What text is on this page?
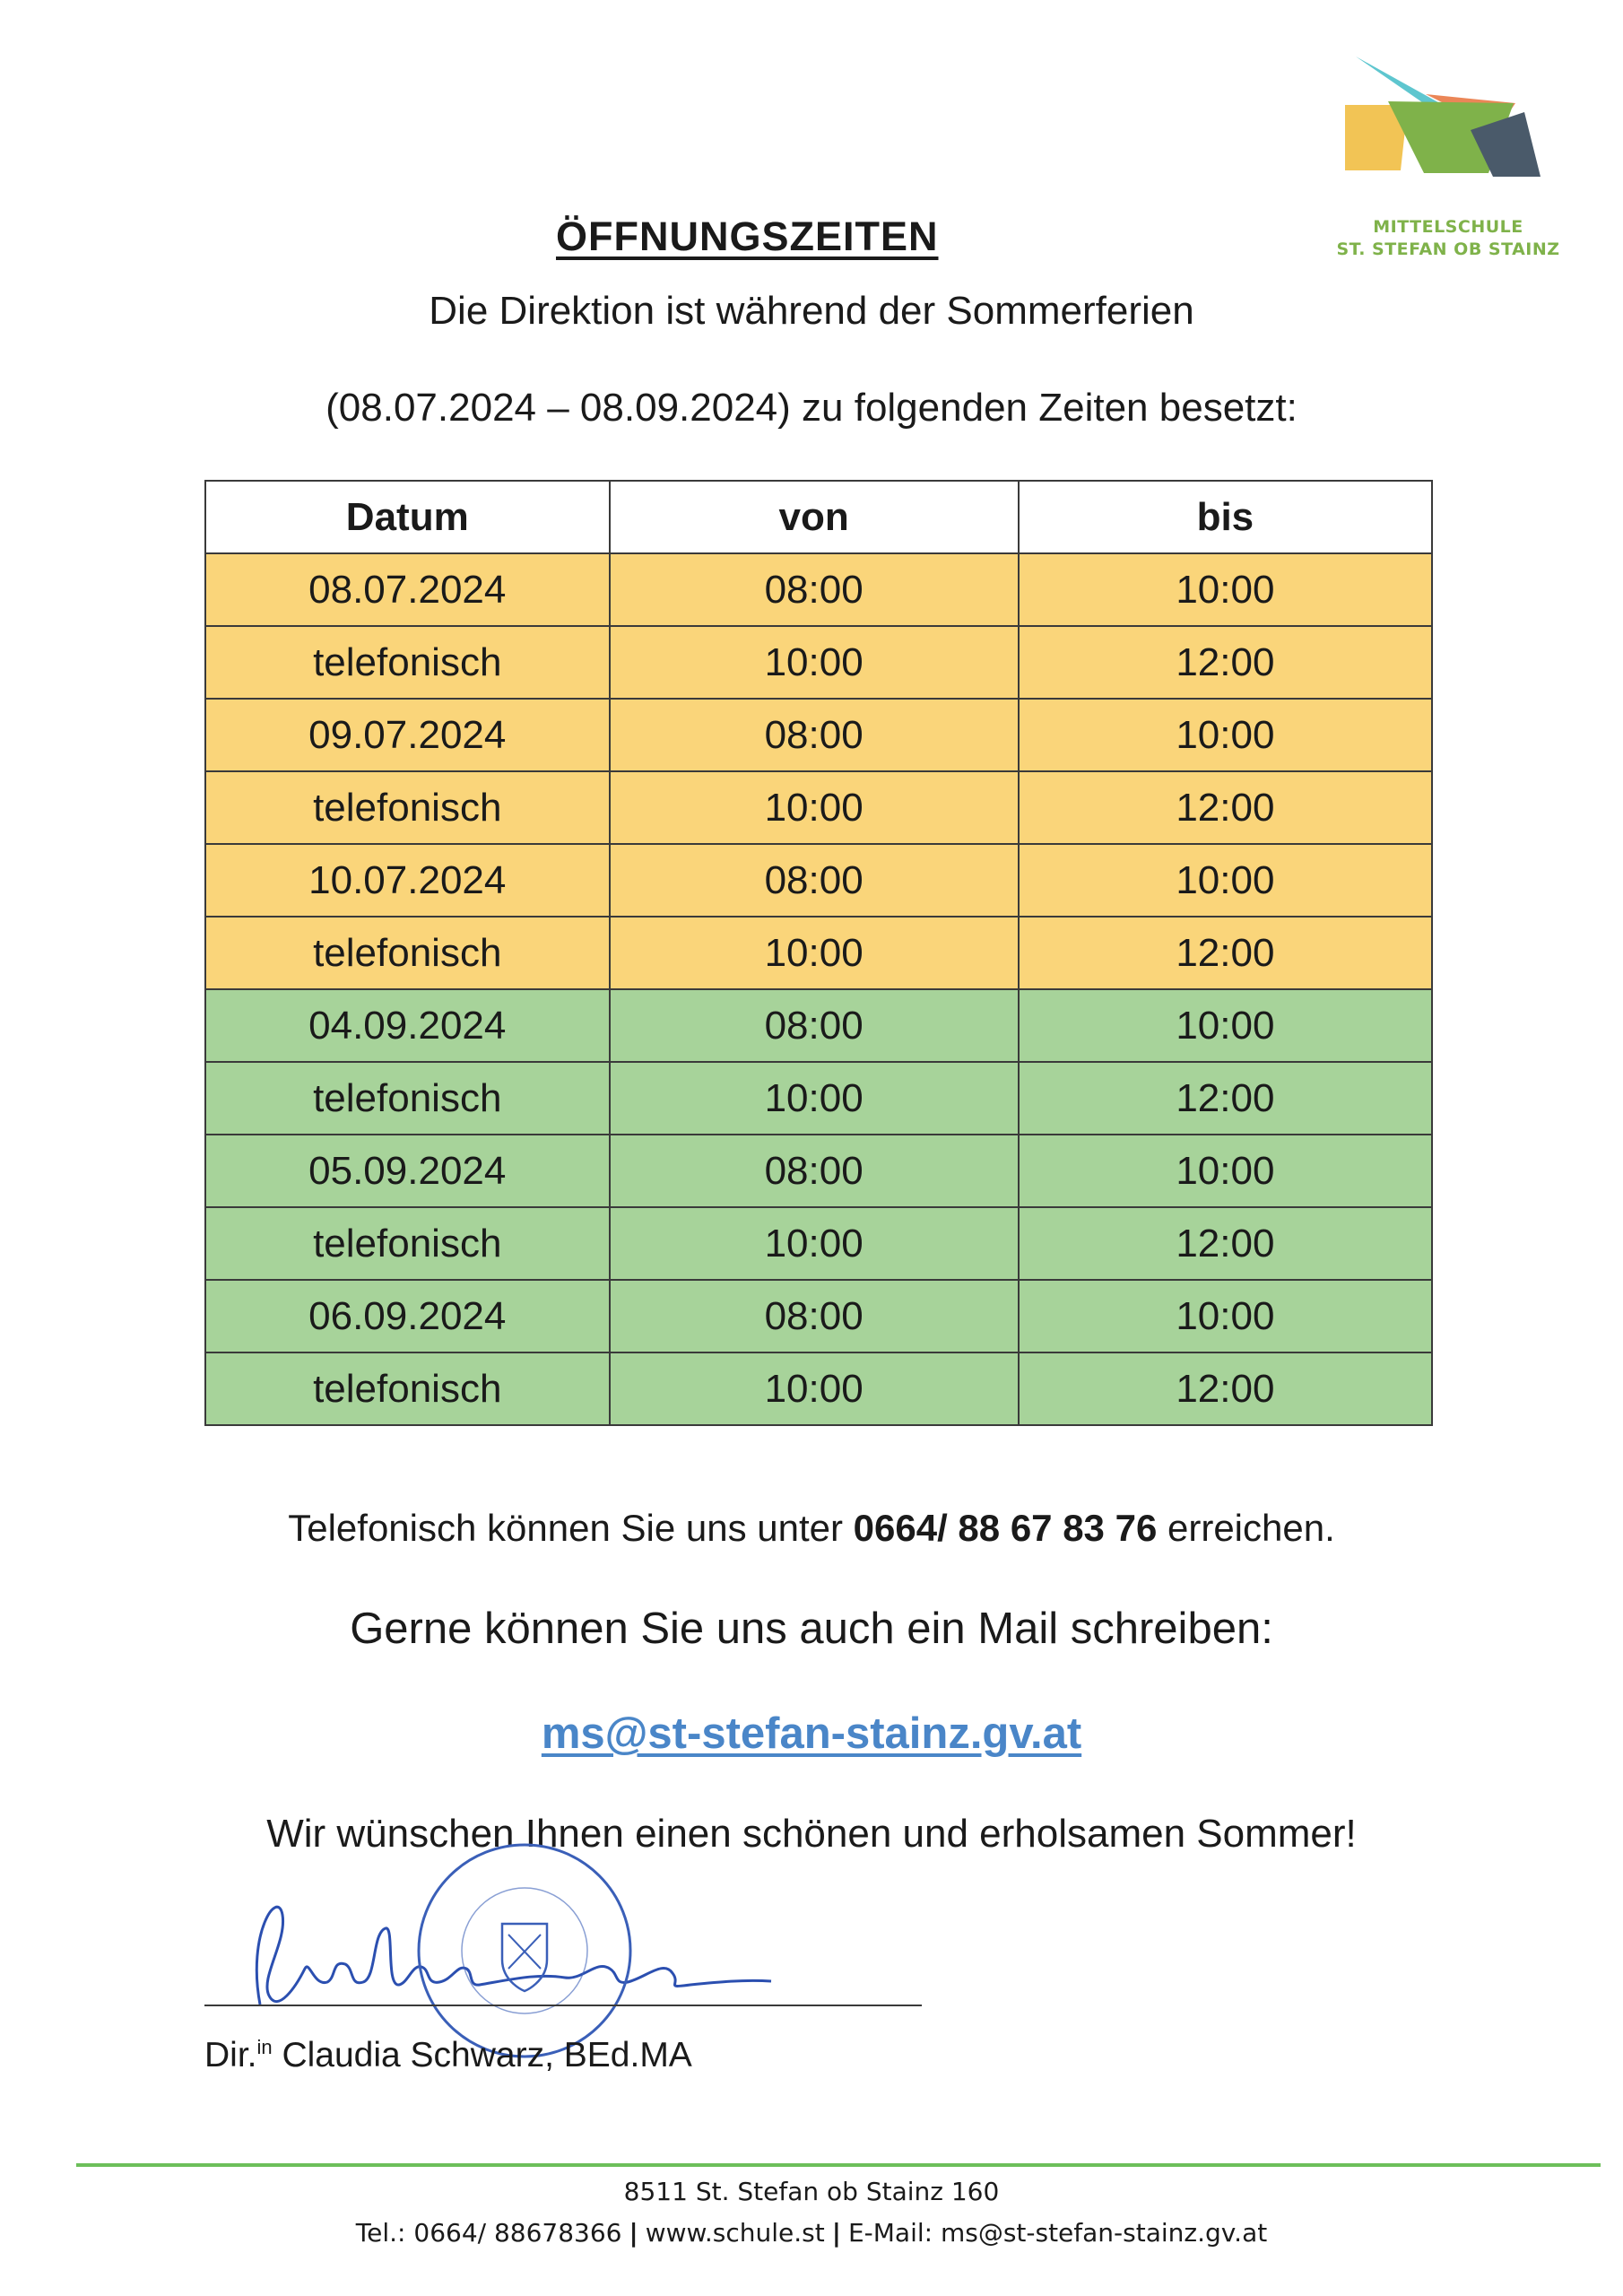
MITTELSCHULE
ST. STEFAN OB STAINZ
ÖFFNUNGSZEITEN
Die Direktion ist während der Sommerferien
(08.07.2024 – 08.09.2024) zu folgenden Zeiten besetzt:
Datum	von	bis
08.07.2024	08:00	10:00
telefonisch	10:00	12:00
09.07.2024	08:00	10:00
telefonisch	10:00	12:00
10.07.2024	08:00	10:00
telefonisch	10:00	12:00
04.09.2024	08:00	10:00
telefonisch	10:00	12:00
05.09.2024	08:00	10:00
telefonisch	10:00	12:00
06.09.2024	08:00	10:00
telefonisch	10:00	12:00
Telefonisch können Sie uns unter 0664/ 88 67 83 76 erreichen.
Gerne können Sie uns auch ein Mail schreiben:
ms@st-stefan-stainz.gv.at
Wir wünschen Ihnen einen schönen und erholsamen Sommer!
Dir.$^{in}$ Claudia Schwarz, BEd.MA
8511 St. Stefan ob Stainz 160
Tel.: 0664/ 88678366 | www.schule.st | E-Mail: ms@st-stefan-stainz.gv.at
